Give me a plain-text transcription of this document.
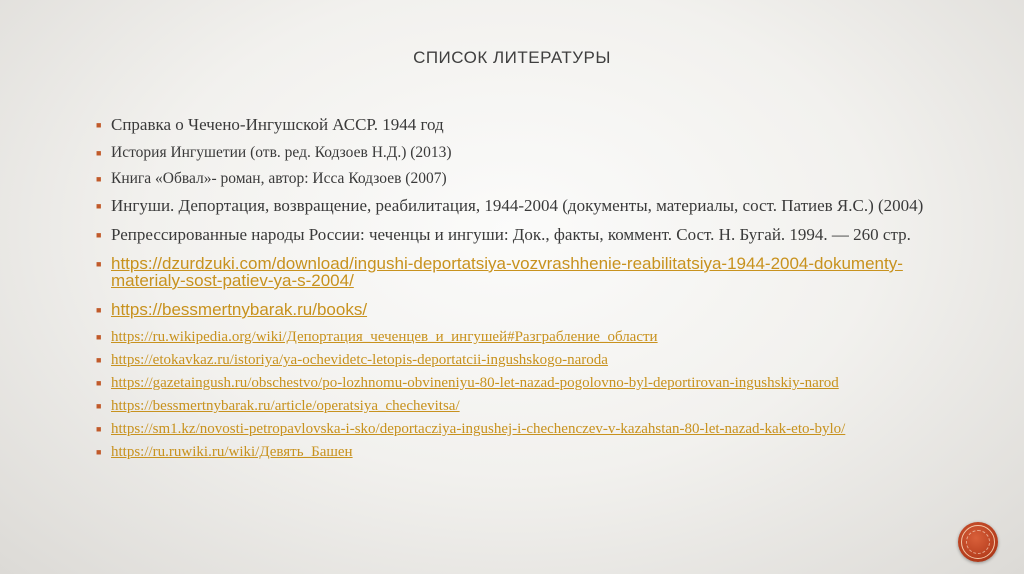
СПИСОК ЛИТЕРАТУРЫ
■ Справка о Чечено-Ингушской АССР. 1944 год
■ История Ингушетии (отв. ред. Кодзоев Н.Д.) (2013)
■ Книга «Обвал»- роман, автор: Исса Кодзоев (2007)
■ Ингуши. Депортация, возвращение, реабилитация, 1944-2004 (документы, материалы, сост. Патиев Я.С.) (2004)
■ Репрессированные народы России: чеченцы и ингуши: Док., факты, коммент. Сост. Н. Бугай. 1994. — 260 стр.
■ https://dzurdzuki.com/download/ingushi-deportatsiya-vozvrashhenie-reabilitatsiya-1944-2004-dokumenty-materialy-sost-patiev-ya-s-2004/
■ https://bessmertnybarak.ru/books/
■ https://ru.wikipedia.org/wiki/Депортация_чеченцев_и_ингушей#Разграбление_области
■ https://etokavkaz.ru/istoriya/ya-ochevidetc-letopis-deportatcii-ingushskogo-naroda
■ https://gazetaingush.ru/obschestvo/po-lozhnomu-obvineniyu-80-let-nazad-pogolovno-byl-deportirovan-ingushskiy-narod
■ https://bessmertnybarak.ru/article/operatsiya_chechevitsa/
■ https://sm1.kz/novosti-petropavlovska-i-sko/deportacziya-ingushej-i-chechenczev-v-kazahstan-80-let-nazad-kak-eto-bylo/
■ https://ru.ruwiki.ru/wiki/Девять_Башен
